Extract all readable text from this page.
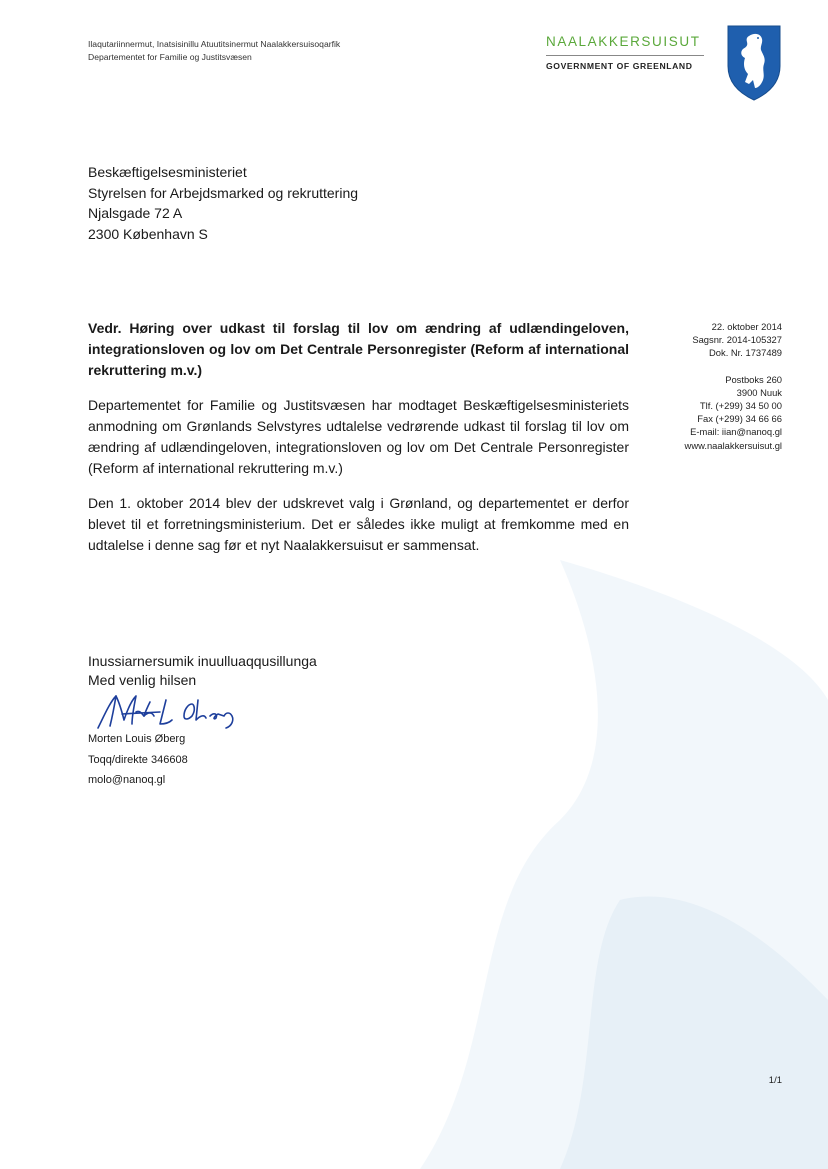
Ilaqutariinnermut, Inatsisinillu Atuutitsinermut Naalakkersuisoqarfik
Departementet for Familie og Justitsvæsen
NAALAKKERSUISUT
GOVERNMENT OF GREENLAND
Beskæftigelsesministeriet
Styrelsen for Arbejdsmarked og rekruttering
Njalsgade 72 A
2300 København S
22. oktober 2014
Sagsnr. 2014-105327
Dok. Nr. 1737489
Postboks 260
3900 Nuuk
Tlf. (+299) 34 50 00
Fax (+299) 34 66 66
E-mail: iian@nanoq.gl
www.naalakkersuisut.gl
Vedr. Høring over udkast til forslag til lov om ændring af udlændingeloven, integrationsloven og lov om Det Centrale Personregister (Reform af international rekruttering m.v.)
Departementet for Familie og Justitsvæsen har modtaget Beskæftigelsesministeriets anmodning om Grønlands Selvstyres udtalelse vedrørende udkast til forslag til lov om ændring af udlændingeloven, integrationsloven og lov om Det Centrale Personregister (Reform af international rekruttering m.v.)
Den 1. oktober 2014 blev der udskrevet valg i Grønland, og departementet er derfor blevet til et forretningsministerium. Det er således ikke muligt at fremkomme med en udtalelse i denne sag før et nyt Naalakkersuisut er sammensat.
Inussiarnersumik inuulluaqqusillunga
Med venlig hilsen
Morten Louis Øberg
Toqq/direkte 346608
molo@nanoq.gl
1/1
